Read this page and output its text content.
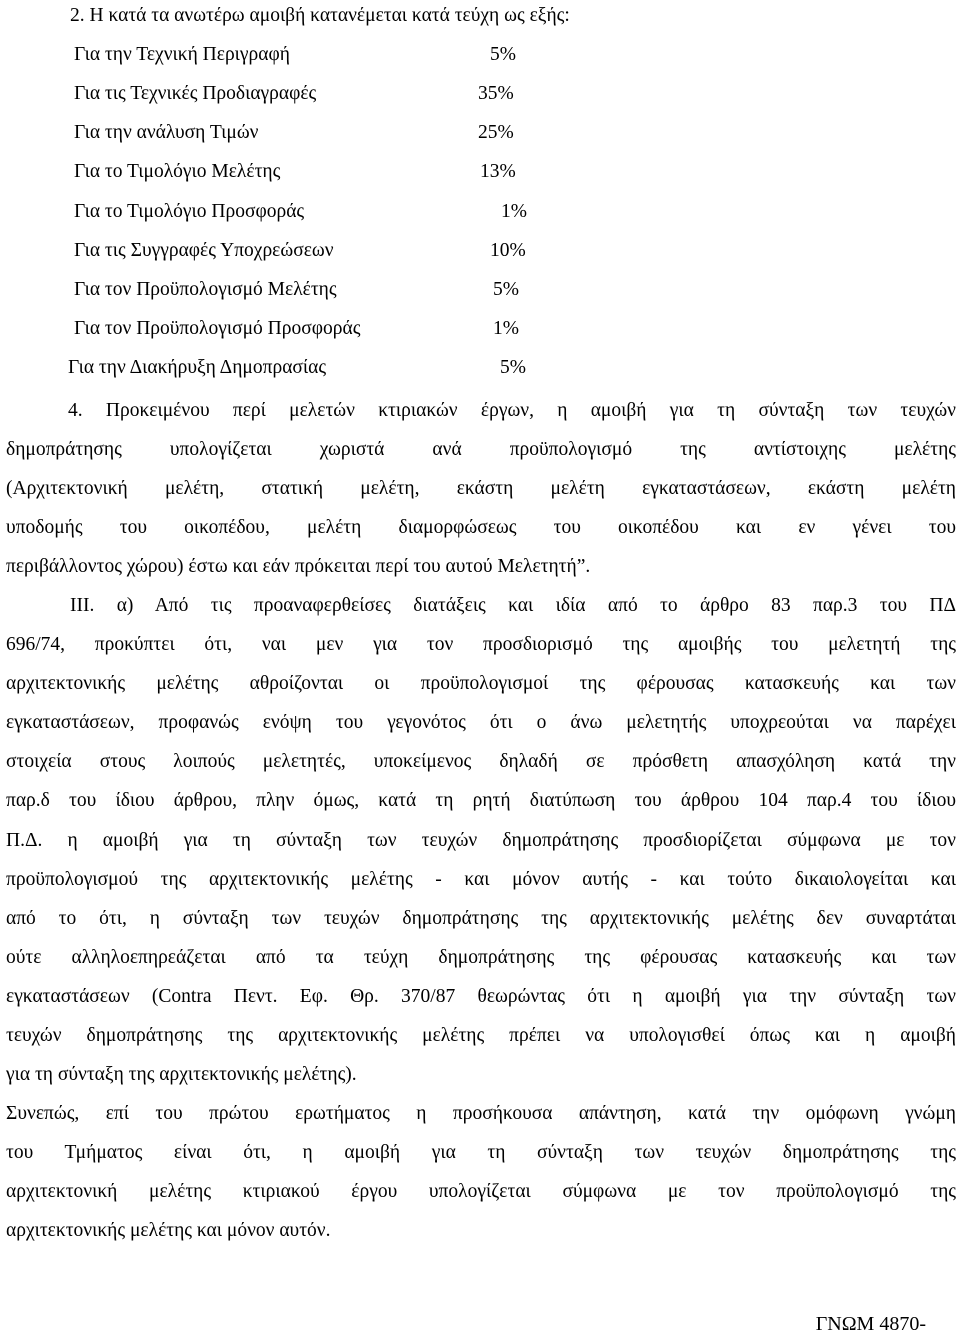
2. Η κατά τα ανωτέρω αμοιβή κατανέμεται κατά τεύχη ως εξής:
Για την Τεχνική Περιγραφή	5%
Για τις Τεχνικές Προδιαγραφές	35%
Για την ανάλυση Τιμών	25%
Για το Τιμολόγιο Μελέτης	13%
Για το Τιμολόγιο Προσφοράς	1%
Για τις Συγγραφές Υποχρεώσεων	10%
Για τον Προϋπολογισμό Μελέτης	5%
Για τον Προϋπολογισμό Προσφοράς	1%
Για την Διακήρυξη Δημοπρασίας	5%
4. Προκειμένου περί μελετών κτιριακών έργων, η αμοιβή για τη σύνταξη των τευχών
δημοπράτησης υπολογίζεται χωριστά ανά προϋπολογισμό της αντίστοιχης μελέτης
(Αρχιτεκτονική μελέτη, στατική μελέτη, εκάστη μελέτη εγκαταστάσεων, εκάστη μελέτη
υποδομής του οικοπέδου, μελέτη διαμορφώσεως του οικοπέδου και εν γένει του
περιβάλλοντος χώρου) έστω και εάν πρόκειται περί του αυτού Μελετητή”.
ΙΙΙ. α) Από τις προαναφερθείσες διατάξεις και ιδία από το άρθρο 83 παρ.3 του ΠΔ
696/74, προκύπτει ότι, ναι μεν για τον προσδιορισμό της αμοιβής του μελετητή της
αρχιτεκτονικής μελέτης αθροίζονται οι προϋπολογισμοί της φέρουσας κατασκευής και των
εγκαταστάσεων, προφανώς ενόψη του γεγονότος ότι ο άνω μελετητής υποχρεούται να παρέχει
στοιχεία στους λοιπούς μελετητές, υποκείμενος δηλαδή σε πρόσθετη απασχόληση κατά την
παρ.δ του ίδιου άρθρου, πλην όμως, κατά τη ρητή διατύπωση του άρθρου 104 παρ.4 του ίδιου
Π.Δ. η αμοιβή για τη σύνταξη των τευχών δημοπράτησης προσδιορίζεται σύμφωνα με τον
προϋπολογισμού της αρχιτεκτονικής μελέτης - και μόνον αυτής - και τούτο δικαιολογείται και
από το ότι, η σύνταξη των τευχών δημοπράτησης της αρχιτεκτονικής μελέτης δεν συναρτάται
ούτε αλληλοεπηρεάζεται από τα τεύχη δημοπράτησης της φέρουσας κατασκευής και των
εγκαταστάσεων (Contra Πεντ. Εφ. Θρ. 370/87 θεωρώντας ότι η αμοιβή για την σύνταξη των
τευχών δημοπράτησης της αρχιτεκτονικής μελέτης πρέπει να υπολογισθεί όπως και η αμοιβή
για τη σύνταξη της αρχιτεκτονικής μελέτης).
Συνεπώς, επί του πρώτου ερωτήματος η προσήκουσα απάντηση, κατά την ομόφωνη γνώμη
του Τμήματος είναι ότι, η αμοιβή για τη σύνταξη των τευχών δημοπράτησης της
αρχιτεκτονική μελέτης κτιριακού έργου υπολογίζεται σύμφωνα με τον προϋπολογισμό της
αρχιτεκτονικής μελέτης και μόνον αυτόν.
ΓΝΩΜ 4870-
